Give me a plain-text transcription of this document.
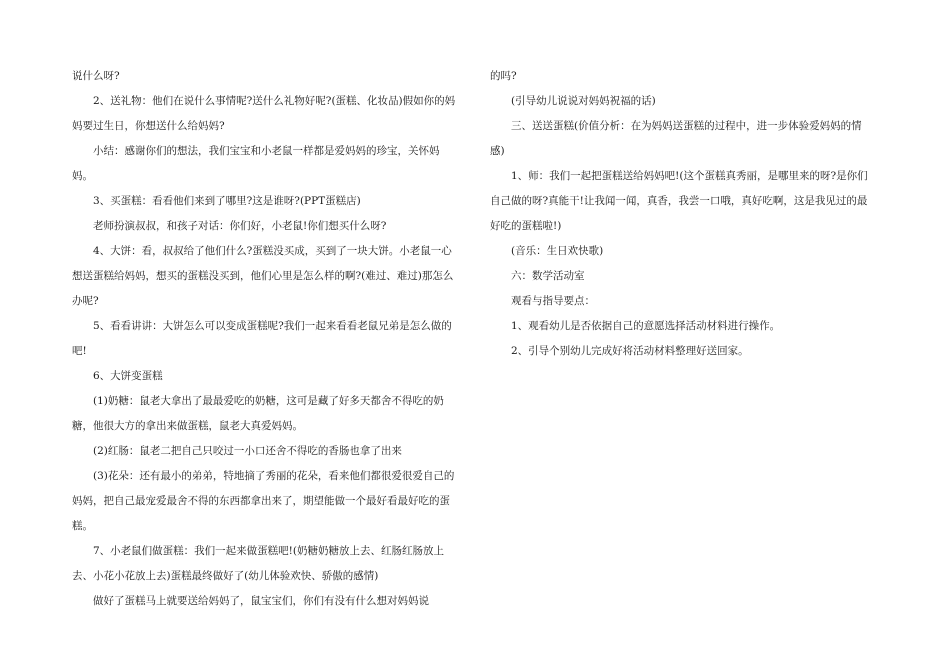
说什么呀?

2、送礼物：他们在说什么事情呢?送什么礼物好呢?(蛋糕、化妆品)假如你的妈妈要过生日，你想送什么给妈妈?

小结：感谢你们的想法，我们宝宝和小老鼠一样都是爱妈妈的珍宝，关怀妈妈。

3、买蛋糕：看看他们来到了哪里?这是谁呀?(PPT蛋糕店)

老师扮演叔叔，和孩子对话：你们好，小老鼠!你们想买什么呀?

4、大饼：看，叔叔给了他们什么?蛋糕没买成，买到了一块大饼。小老鼠一心想送蛋糕给妈妈，想买的蛋糕没买到，他们心里是怎么样的啊?(难过、难过)那怎么办呢?

5、看看讲讲：大饼怎么可以变成蛋糕呢?我们一起来看看老鼠兄弟是怎么做的吧!

6、大饼变蛋糕

(1)奶糖：鼠老大拿出了最最爱吃的奶糖，这可是藏了好多天都舍不得吃的奶糖，他很大方的拿出来做蛋糕，鼠老大真爱妈妈。

(2)红肠：鼠老二把自己只咬过一小口还舍不得吃的香肠也拿了出来

(3)花朵：还有最小的弟弟，特地摘了秀丽的花朵，看来他们都很爱很爱自己的妈妈，把自己最宠爱最舍不得的东西都拿出来了，期望能做一个最好看最好吃的蛋糕。

7、小老鼠们做蛋糕：我们一起来做蛋糕吧!(奶糖奶糖放上去、红肠红肠放上去、小花小花放上去)蛋糕最终做好了(幼儿体验欢快、骄傲的感情)

做好了蛋糕马上就要送给妈妈了，鼠宝宝们，你们有没有什么想对妈妈说

的吗?

(引导幼儿说说对妈妈祝福的话)

三、送送蛋糕(价值分析：在为妈妈送蛋糕的过程中，进一步体验爱妈妈的情感)

1、师：我们一起把蛋糕送给妈妈吧!(这个蛋糕真秀丽，是哪里来的呀?是你们自己做的呀?真能干!让我闻一闻，真香，我尝一口哦，真好吃啊，这是我见过的最好吃的蛋糕啦!)

(音乐：生日欢快歌)

六：数学活动室

观看与指导要点：

1、观看幼儿是否依据自己的意愿选择活动材料进行操作。

2、引导个别幼儿完成好将活动材料整理好送回家。
